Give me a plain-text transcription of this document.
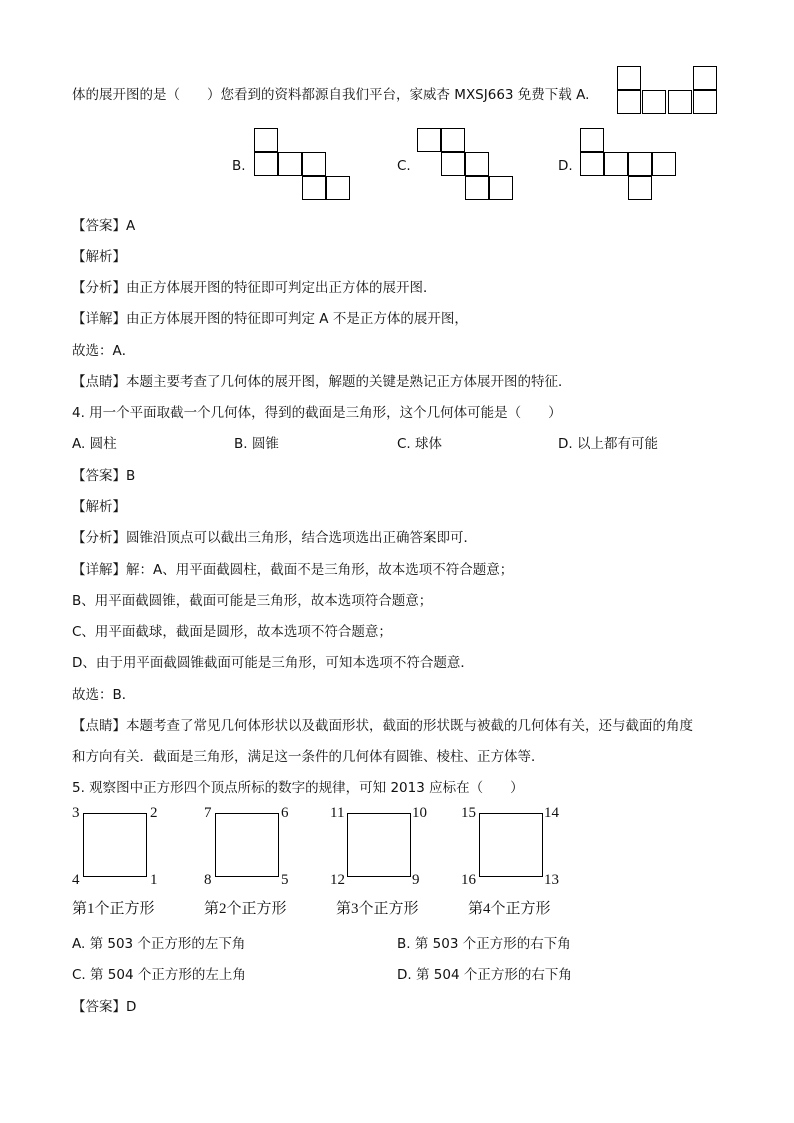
体的展开图的是（　　）您看到的资料都源自我们平台，家威杏 MXSJ663 免费下载 A.
B.	C.	D.
【答案】A
【解析】
【分析】由正方体展开图的特征即可判定出正方体的展开图．
【详解】由正方体展开图的特征即可判定 A 不是正方体的展开图，
故选：A．
【点睛】本题主要考查了几何体的展开图，解题的关键是熟记正方体展开图的特征．
4. 用一个平面取截一个几何体，得到的截面是三角形，这个几何体可能是（　　）
A. 圆柱	B. 圆锥	C. 球体	D. 以上都有可能
【答案】B
【解析】
【分析】圆锥沿顶点可以截出三角形，结合选项选出正确答案即可．
【详解】解：A、用平面截圆柱，截面不是三角形，故本选项不符合题意；
B、用平面截圆锥，截面可能是三角形，故本选项符合题意；
C、用平面截球，截面是圆形，故本选项不符合题意；
D、由于用平面截圆锥截面可能是三角形，可知本选项不符合题意．
故选：B．
【点睛】本题考查了常见几何体形状以及截面形状，截面的形状既与被截的几何体有关，还与截面的角度
和方向有关．截面是三角形，满足这一条件的几何体有圆锥、棱柱、正方体等．
5. 观察图中正方形四个顶点所标的数字的规律，可知 2013 应标在（　　）
3	2
4	1
第1个正方形
7	6
8	5
第2个正方形
11	10
12	9
第3个正方形
15	14
16	13
第4个正方形
A. 第 503 个正方形的左下角	B. 第 503 个正方形的右下角
C. 第 504 个正方形的左上角	D. 第 504 个正方形的右下角
【答案】D
